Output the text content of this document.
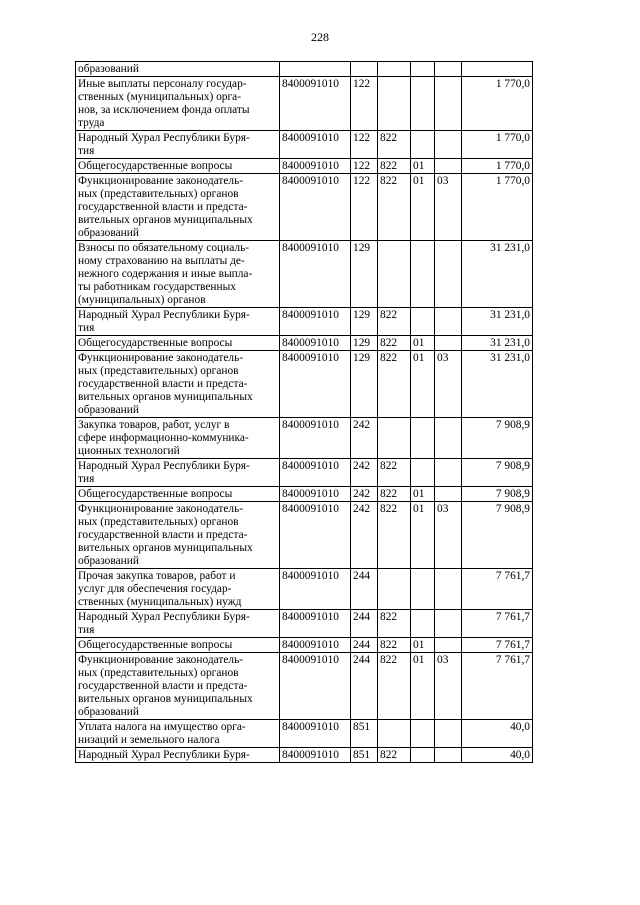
228
образований						
Иные выплаты персоналу государ-
ственных (муниципальных) орга-
нов, за исключением фонда оплаты
труда	8400091010	122				1 770,0
Народный Хурал Республики Буря-
тия	8400091010	122	822			1 770,0
Общегосударственные вопросы	8400091010	122	822	01		1 770,0
Функционирование законодатель-
ных (представительных) органов
государственной власти и предста-
вительных органов муниципальных
образований	8400091010	122	822	01	03	1 770,0
Взносы по обязательному социаль-
ному страхованию на выплаты де-
нежного содержания и иные выпла-
ты работникам государственных
(муниципальных) органов	8400091010	129				31 231,0
Народный Хурал Республики Буря-
тия	8400091010	129	822			31 231,0
Общегосударственные вопросы	8400091010	129	822	01		31 231,0
Функционирование законодатель-
ных (представительных) органов
государственной власти и предста-
вительных органов муниципальных
образований	8400091010	129	822	01	03	31 231,0
Закупка товаров, работ, услуг в
сфере информационно-коммуника-
ционных технологий	8400091010	242				7 908,9
Народный Хурал Республики Буря-
тия	8400091010	242	822			7 908,9
Общегосударственные вопросы	8400091010	242	822	01		7 908,9
Функционирование законодатель-
ных (представительных) органов
государственной власти и предста-
вительных органов муниципальных
образований	8400091010	242	822	01	03	7 908,9
Прочая закупка товаров, работ и
услуг для обеспечения государ-
ственных (муниципальных) нужд	8400091010	244				7 761,7
Народный Хурал Республики Буря-
тия	8400091010	244	822			7 761,7
Общегосударственные вопросы	8400091010	244	822	01		7 761,7
Функционирование законодатель-
ных (представительных) органов
государственной власти и предста-
вительных органов муниципальных
образований	8400091010	244	822	01	03	7 761,7
Уплата налога на имущество орга-
низаций и земельного налога	8400091010	851				40,0
Народный Хурал Республики Буря-	8400091010	851	822			40,0
